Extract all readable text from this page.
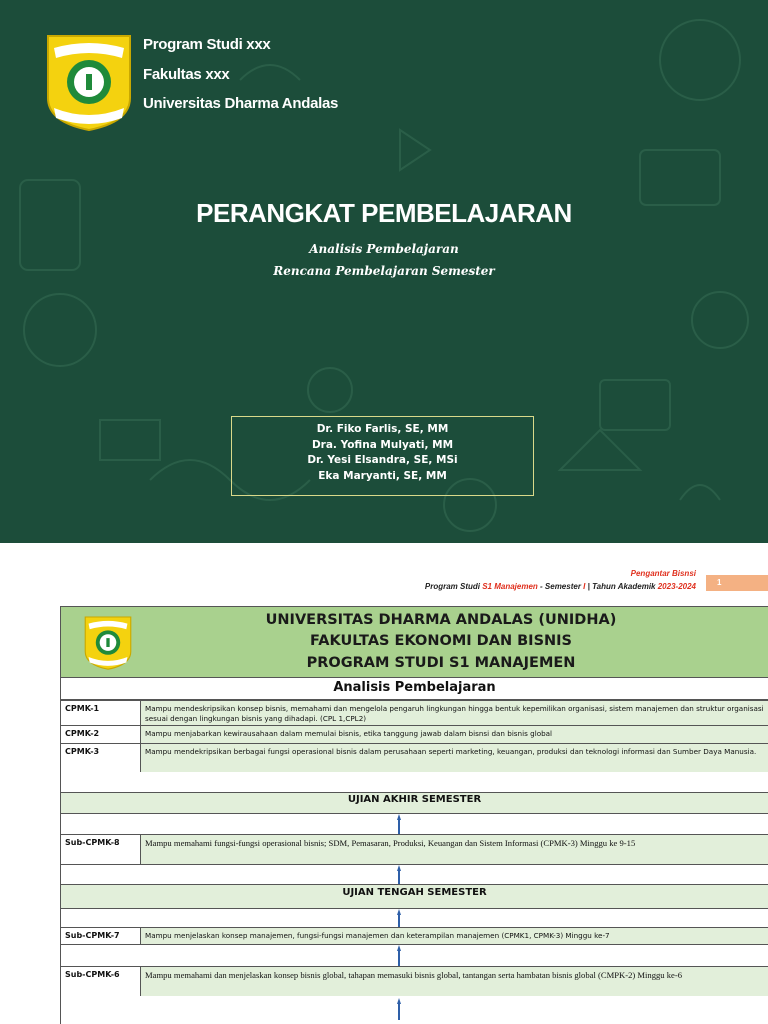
Program Studi xxx
Fakultas xxx
Universitas Dharma Andalas
PERANGKAT PEMBELAJARAN
Analisis Pembelajaran
Rencana Pembelajaran Semester
Dr. Fiko Farlis, SE, MM
Dra. Yofina Mulyati, MM
Dr. Yesi Elsandra, SE, MSi
Eka Maryanti, SE, MM
Pengantar Bisnsi
Program Studi S1 Manajemen - Semester I | Tahun Akademik 2023-2024	1
UNIVERSITAS DHARMA ANDALAS (UNIDHA)
FAKULTAS EKONOMI DAN BISNIS
PROGRAM STUDI S1 MANAJEMEN
Analisis Pembelajaran
CPMK-1	Mampu mendeskripsikan konsep bisnis, memahami dan mengelola pengaruh lingkungan hingga bentuk kepemilikan organisasi, sistem manajemen dan struktur organisasi sesuai dengan lingkungan bisnis yang dihadapi. (CPL 1,CPL2)
CPMK-2	Mampu menjabarkan kewirausahaan dalam memulai bisnis, etika tanggung jawab dalam bisnsi dan bisnis global
CPMK-3	Mampu mendekripsikan berbagai fungsi operasional bisnis dalam perusahaan seperti marketing, keuangan, produksi dan teknologi informasi dan Sumber Daya Manusia.
UJIAN AKHIR SEMESTER
Sub-CPMK-8	Mampu memahami fungsi-fungsi operasional bisnis; SDM, Pemasaran, Produksi, Keuangan dan Sistem Informasi (CPMK-3) Minggu ke 9-15
UJIAN TENGAH SEMESTER
Sub-CPMK-7	Mampu menjelaskan konsep manajemen, fungsi-fungsi manajemen dan keterampilan manajemen (CPMK1, CPMK-3) Minggu ke-7
Sub-CPMK-6	Mampu memahami dan menjelaskan konsep bisnis global, tahapan memasuki bisnis global, tantangan serta hambatan bisnis global (CMPK-2) Minggu ke-6
